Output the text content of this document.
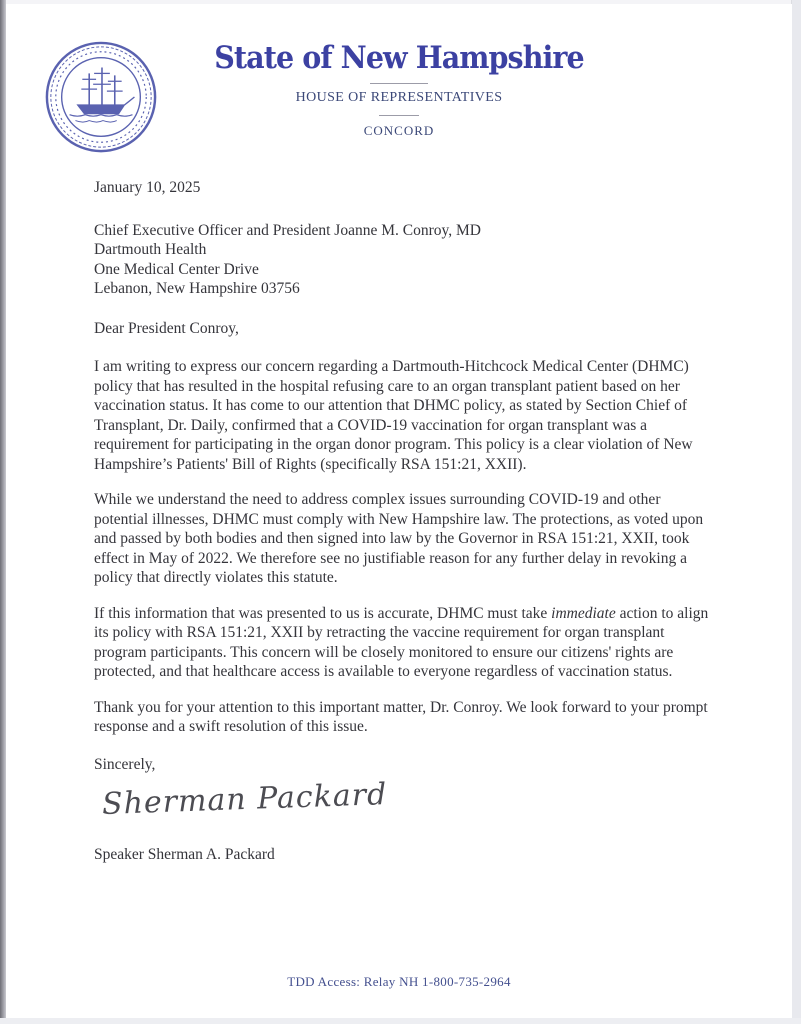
State of New Hampshire
HOUSE OF REPRESENTATIVES
CONCORD

January 10, 2025

Chief Executive Officer and President Joanne M. Conroy, MD
Dartmouth Health
One Medical Center Drive
Lebanon, New Hampshire 03756

Dear President Conroy,

I am writing to express our concern regarding a Dartmouth-Hitchcock Medical Center (DHMC) policy that has resulted in the hospital refusing care to an organ transplant patient based on her vaccination status. It has come to our attention that DHMC policy, as stated by Section Chief of Transplant, Dr. Daily, confirmed that a COVID-19 vaccination for organ transplant was a requirement for participating in the organ donor program. This policy is a clear violation of New Hampshire’s Patients' Bill of Rights (specifically RSA 151:21, XXII).

While we understand the need to address complex issues surrounding COVID-19 and other potential illnesses, DHMC must comply with New Hampshire law. The protections, as voted upon and passed by both bodies and then signed into law by the Governor in RSA 151:21, XXII, took effect in May of 2022. We therefore see no justifiable reason for any further delay in revoking a policy that directly violates this statute.

If this information that was presented to us is accurate, DHMC must take immediate action to align its policy with RSA 151:21, XXII by retracting the vaccine requirement for organ transplant program participants. This concern will be closely monitored to ensure our citizens' rights are protected, and that healthcare access is available to everyone regardless of vaccination status.

Thank you for your attention to this important matter, Dr. Conroy. We look forward to your prompt response and a swift resolution of this issue.

Sincerely,

Sherman Packard

Speaker Sherman A. Packard

TDD Access: Relay NH 1-800-735-2964
